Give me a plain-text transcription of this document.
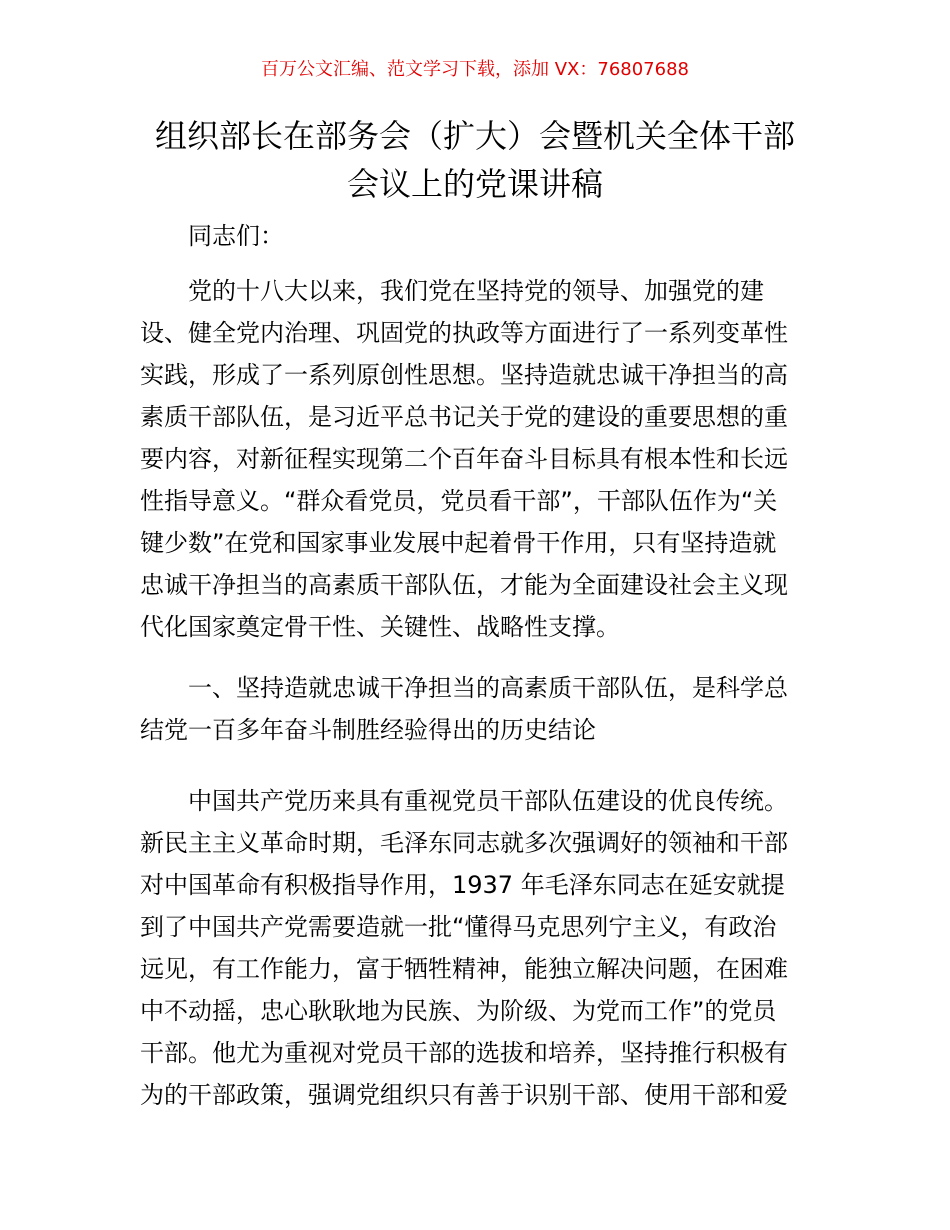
百万公文汇编、范文学习下载，添加 VX：76807688
组织部长在部务会（扩大）会暨机关全体干部
会议上的党课讲稿
同志们：
党的十八大以来，我们党在坚持党的领导、加强党的建
设、健全党内治理、巩固党的执政等方面进行了一系列变革性
实践，形成了一系列原创性思想。坚持造就忠诚干净担当的高
素质干部队伍，是习近平总书记关于党的建设的重要思想的重
要内容，对新征程实现第二个百年奋斗目标具有根本性和长远
性指导意义。“群众看党员，党员看干部”，干部队伍作为“关
键少数”在党和国家事业发展中起着骨干作用，只有坚持造就
忠诚干净担当的高素质干部队伍，才能为全面建设社会主义现
代化国家奠定骨干性、关键性、战略性支撑。
一、坚持造就忠诚干净担当的高素质干部队伍，是科学总
结党一百多年奋斗制胜经验得出的历史结论
中国共产党历来具有重视党员干部队伍建设的优良传统。
新民主主义革命时期，毛泽东同志就多次强调好的领袖和干部
对中国革命有积极指导作用，1937 年毛泽东同志在延安就提
到了中国共产党需要造就一批“懂得马克思列宁主义，有政治
远见，有工作能力，富于牺牲精神，能独立解决问题，在困难
中不动摇，忠心耿耿地为民族、为阶级、为党而工作”的党员
干部。他尤为重视对党员干部的选拔和培养，坚持推行积极有
为的干部政策，强调党组织只有善于识别干部、使用干部和爱
